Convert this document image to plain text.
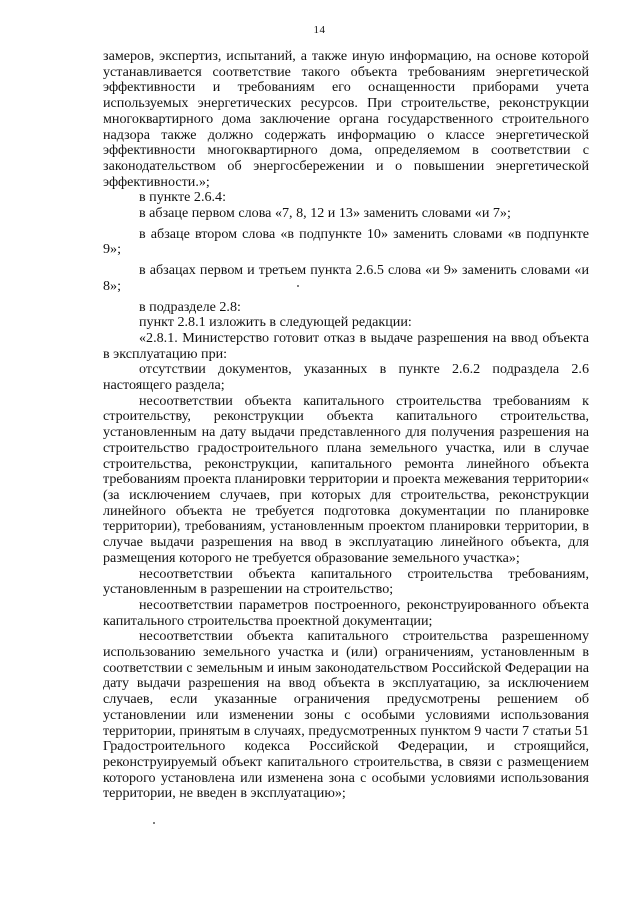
14

замеров, экспертиз, испытаний, а также иную информацию, на основе которой устанавливается соответствие такого объекта требованиям энергетической эффективности и требованиям его оснащенности приборами учета используемых энергетических ресурсов. При строительстве, реконструкции многоквартирного дома заключение органа государственного строительного надзора также должно содержать информацию о классе энергетической эффективности многоквартирного дома, определяемом в соответствии с законодательством об энергосбережении и о повышении энергетической эффективности.»;

в пункте 2.6.4:

в абзаце первом слова «7, 8, 12 и 13» заменить словами «и 7»;

в абзаце втором слова «в подпункте 10» заменить словами «в подпункте 9»;

в абзацах первом и третьем пункта 2.6.5 слова «и 9» заменить словами «и 8»;

в подразделе 2.8:

пункт 2.8.1 изложить в следующей редакции:

«2.8.1. Министерство готовит отказ в выдаче разрешения на ввод объекта в эксплуатацию при:

отсутствии документов, указанных в пункте 2.6.2 подраздела 2.6 настоящего раздела;

несоответствии объекта капитального строительства требованиям к строительству, реконструкции объекта капитального строительства, установленным на дату выдачи представленного для получения разрешения на строительство градостроительного плана земельного участка, или в случае строительства, реконструкции, капитального ремонта линейного объекта требованиям проекта планировки территории и проекта межевания территории« (за исключением случаев, при которых для строительства, реконструкции линейного объекта не требуется подготовка документации по планировке территории), требованиям, установленным проектом планировки территории, в случае выдачи разрешения на ввод в эксплуатацию линейного объекта, для размещения которого не требуется образование земельного участка»;

несоответствии объекта капитального строительства требованиям, установленным в разрешении на строительство;

несоответствии параметров построенного, реконструированного объекта капитального строительства проектной документации;

несоответствии объекта капитального строительства разрешенному использованию земельного участка и (или) ограничениям, установленным в соответствии с земельным и иным законодательством Российской Федерации на дату выдачи разрешения на ввод объекта в эксплуатацию, за исключением случаев, если указанные ограничения предусмотрены решением об установлении или изменении зоны с особыми условиями использования территории, принятым в случаях, предусмотренных пунктом 9 части 7 статьи 51 Градостроительного кодекса Российской Федерации, и строящийся, реконструируемый объект капитального строительства, в связи с размещением которого установлена или изменена зона с особыми условиями использования территории, не введен в эксплуатацию»;
